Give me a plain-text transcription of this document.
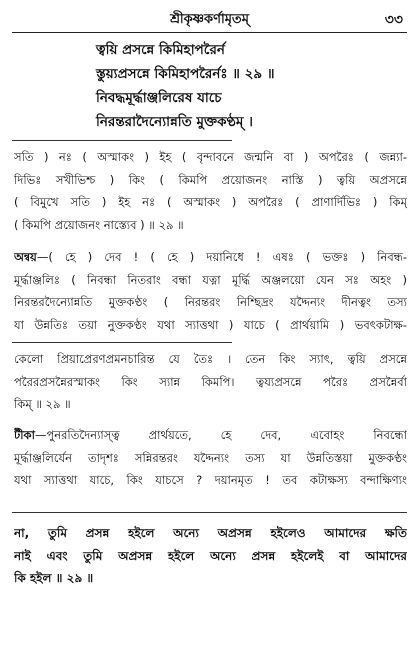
শ্রীকৃষ্ণকর্ণামৃতম্‌	৩৩
ত্বয়ি প্রসন্নে কিমিহাপরৈর্ন
স্তুয়্যপ্রসন্নে কিমিহাপরৈর্নঃ ॥ ২৯ ॥
নিবদ্ধমূর্দ্ধাঞ্জলিরেষ যাচে
নিরন্তরাদৈন্যোন্নতি মুক্তকণ্ঠম্‌ ।
সতি ) নঃ ( অস্মাকং ) ইহ ( বৃন্দাবনে জন্মনি বা ) অপরৈঃ ( জন্ন্যা-
দিভিঃ সখীভিশ্চ ) কিং ( কিমপি প্রয়োজনং নাস্তি ) ত্বয়ি অপ্রসন্নে
( বিমুখে সতি ) ইহ নঃ ( অস্মাকং ) অপরৈঃ ( প্রাণার্দিভিঃ ) কিম্‌
( কিমপি প্রয়োজনং নাস্ত্যেব ) ॥ ২৯ ॥
অন্বয়—( হে ) দেব ! ( হে ) দয়ানিধে ! এষঃ ( ভক্তঃ ) নিবন্ধ-
মূর্দ্ধাঞ্জলিঃ ( নিবন্ধা নিতরাং বন্ধা যত্না মূর্দ্ধি অঞ্জলয়ো যেন সঃ অহং )
নিরন্তরদৈন্যোন্নতি মুক্তকণ্ঠং ( নিরন্তরং নিশ্ছিদ্রং যদ্দৈন্যং দীনত্বং তস্য
যা উন্নতিঃ তয়া নুক্তকণ্ঠং যথা স্যাত্তথা ) যাচে ( প্রার্থয়ামি ) ভবৎকটাক্ষ-
কেলো প্রিয়াপ্রেরণপ্রমনচারিন্ত যে তৈঃ । তেন কিং স্যাৎ, ত্বয়ি প্রসন্নে
পরৈরপ্রসন্নৈরস্মাকং কিং স্যান্ন কিমপি। ত্বয্যপ্রসন্নে পরৈঃ প্রসন্নৈর্বা
কিম্‌ ॥ ২৯ ॥
টীকা—পুনরতিদৈন্যাস্ত্ব প্রার্থয়তে, হে দেব, এবোহং নিবন্ধো
মূর্দ্ধাঞ্জলির্যেন তাদৃশঃ সন্নিরন্তরং যদ্দৈন্যং তস্য যা উন্নতিস্তয়া মুক্তকণ্ঠং
যথা স্যাত্তথা যাচে, কিং যাচসে ? দয়ানমৃত ! তব কটাক্ষস্য বন্দাক্ষিণ্যং
না, তুমি প্রসন্ন হইলে অন্যে অপ্রসন্ন হইলেও আমাদের ক্ষতি
নাই এবং তুমি অপ্রসন্ন হইলে অন্যে প্রসন্ন হইলেই বা আমাদের
কি হইল ॥ ২৯ ॥
